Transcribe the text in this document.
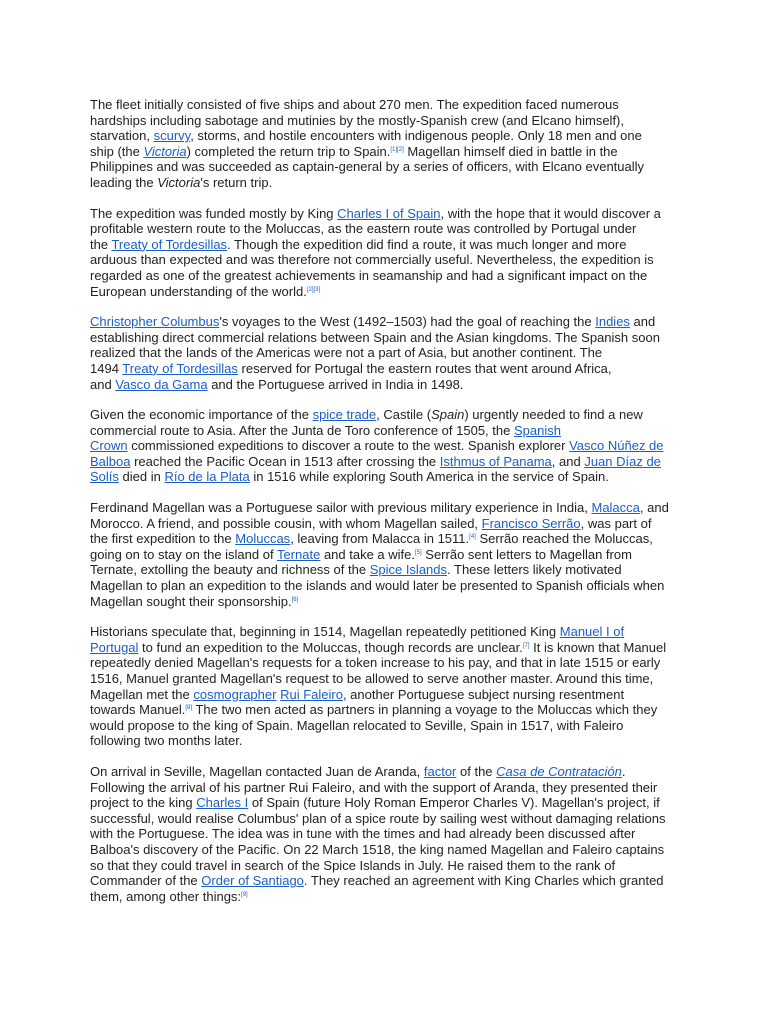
The fleet initially consisted of five ships and about 270 men. The expedition faced numerous
hardships including sabotage and mutinies by the mostly-Spanish crew (and Elcano himself),
starvation, scurvy, storms, and hostile encounters with indigenous people. Only 18 men and one
ship (the Victoria) completed the return trip to Spain.[1][2] Magellan himself died in battle in the
Philippines and was succeeded as captain-general by a series of officers, with Elcano eventually
leading the Victoria's return trip.

The expedition was funded mostly by King Charles I of Spain, with the hope that it would discover a
profitable western route to the Moluccas, as the eastern route was controlled by Portugal under
the Treaty of Tordesillas. Though the expedition did find a route, it was much longer and more
arduous than expected and was therefore not commercially useful. Nevertheless, the expedition is
regarded as one of the greatest achievements in seamanship and had a significant impact on the
European understanding of the world.[2][3]

Christopher Columbus's voyages to the West (1492–1503) had the goal of reaching the Indies and
establishing direct commercial relations between Spain and the Asian kingdoms. The Spanish soon
realized that the lands of the Americas were not a part of Asia, but another continent. The
1494 Treaty of Tordesillas reserved for Portugal the eastern routes that went around Africa,
and Vasco da Gama and the Portuguese arrived in India in 1498.

Given the economic importance of the spice trade, Castile (Spain) urgently needed to find a new
commercial route to Asia. After the Junta de Toro conference of 1505, the Spanish
Crown commissioned expeditions to discover a route to the west. Spanish explorer Vasco Núñez de
Balboa reached the Pacific Ocean in 1513 after crossing the Isthmus of Panama, and Juan Díaz de
Solís died in Río de la Plata in 1516 while exploring South America in the service of Spain.

Ferdinand Magellan was a Portuguese sailor with previous military experience in India, Malacca, and
Morocco. A friend, and possible cousin, with whom Magellan sailed, Francisco Serrão, was part of
the first expedition to the Moluccas, leaving from Malacca in 1511.[4] Serrão reached the Moluccas,
going on to stay on the island of Ternate and take a wife.[5] Serrão sent letters to Magellan from
Ternate, extolling the beauty and richness of the Spice Islands. These letters likely motivated
Magellan to plan an expedition to the islands and would later be presented to Spanish officials when
Magellan sought their sponsorship.[6]

Historians speculate that, beginning in 1514, Magellan repeatedly petitioned King Manuel I of
Portugal to fund an expedition to the Moluccas, though records are unclear.[7] It is known that Manuel
repeatedly denied Magellan's requests for a token increase to his pay, and that in late 1515 or early
1516, Manuel granted Magellan's request to be allowed to serve another master. Around this time,
Magellan met the cosmographer Rui Faleiro, another Portuguese subject nursing resentment
towards Manuel.[8] The two men acted as partners in planning a voyage to the Moluccas which they
would propose to the king of Spain. Magellan relocated to Seville, Spain in 1517, with Faleiro
following two months later.

On arrival in Seville, Magellan contacted Juan de Aranda, factor of the Casa de Contratación.
Following the arrival of his partner Rui Faleiro, and with the support of Aranda, they presented their
project to the king Charles I of Spain (future Holy Roman Emperor Charles V). Magellan's project, if
successful, would realise Columbus' plan of a spice route by sailing west without damaging relations
with the Portuguese. The idea was in tune with the times and had already been discussed after
Balboa's discovery of the Pacific. On 22 March 1518, the king named Magellan and Faleiro captains
so that they could travel in search of the Spice Islands in July. He raised them to the rank of
Commander of the Order of Santiago. They reached an agreement with King Charles which granted
them, among other things:[9]
